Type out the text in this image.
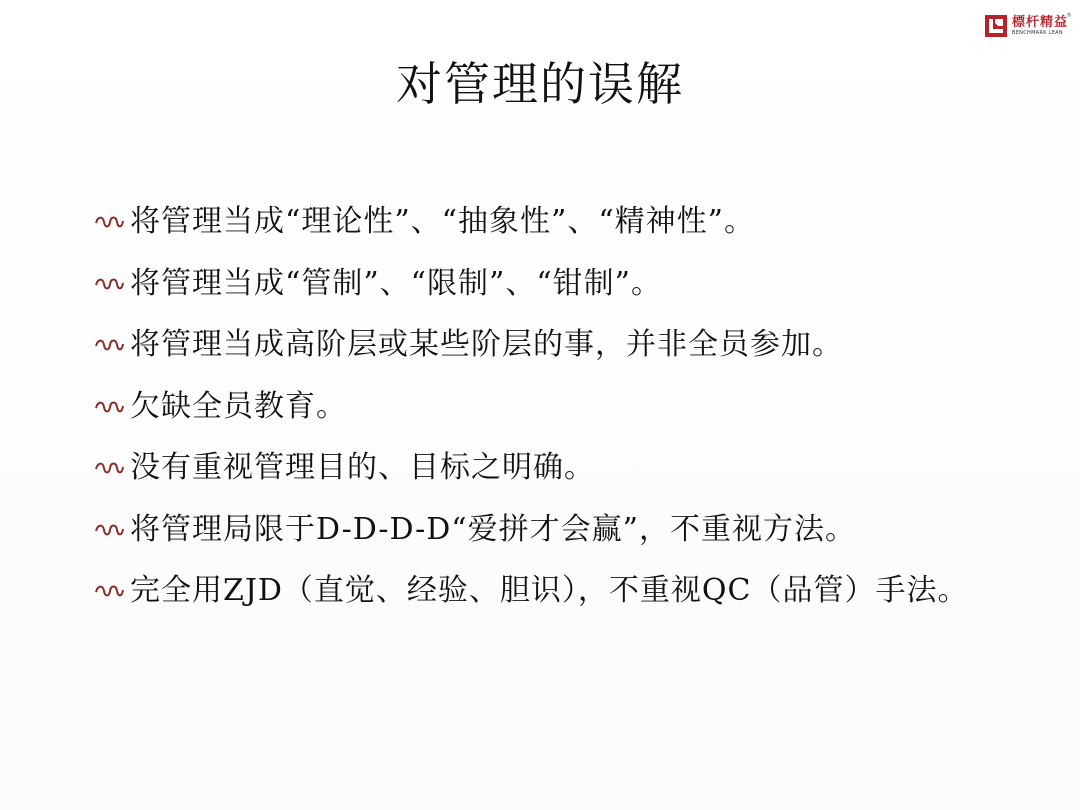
標杆精益
BENCHMARK LEAN
®
对管理的误解
将管理当成“理论性”、“抽象性”、“精神性”。
将管理当成“管制”、“限制”、“钳制”。
将管理当成高阶层或某些阶层的事，并非全员参加。
欠缺全员教育。
没有重视管理目的、目标之明确。
将管理局限于D-D-D-D“爱拼才会赢”，不重视方法。
完全用ZJD（直觉、经验、胆识），不重视QC（品管）手法。
